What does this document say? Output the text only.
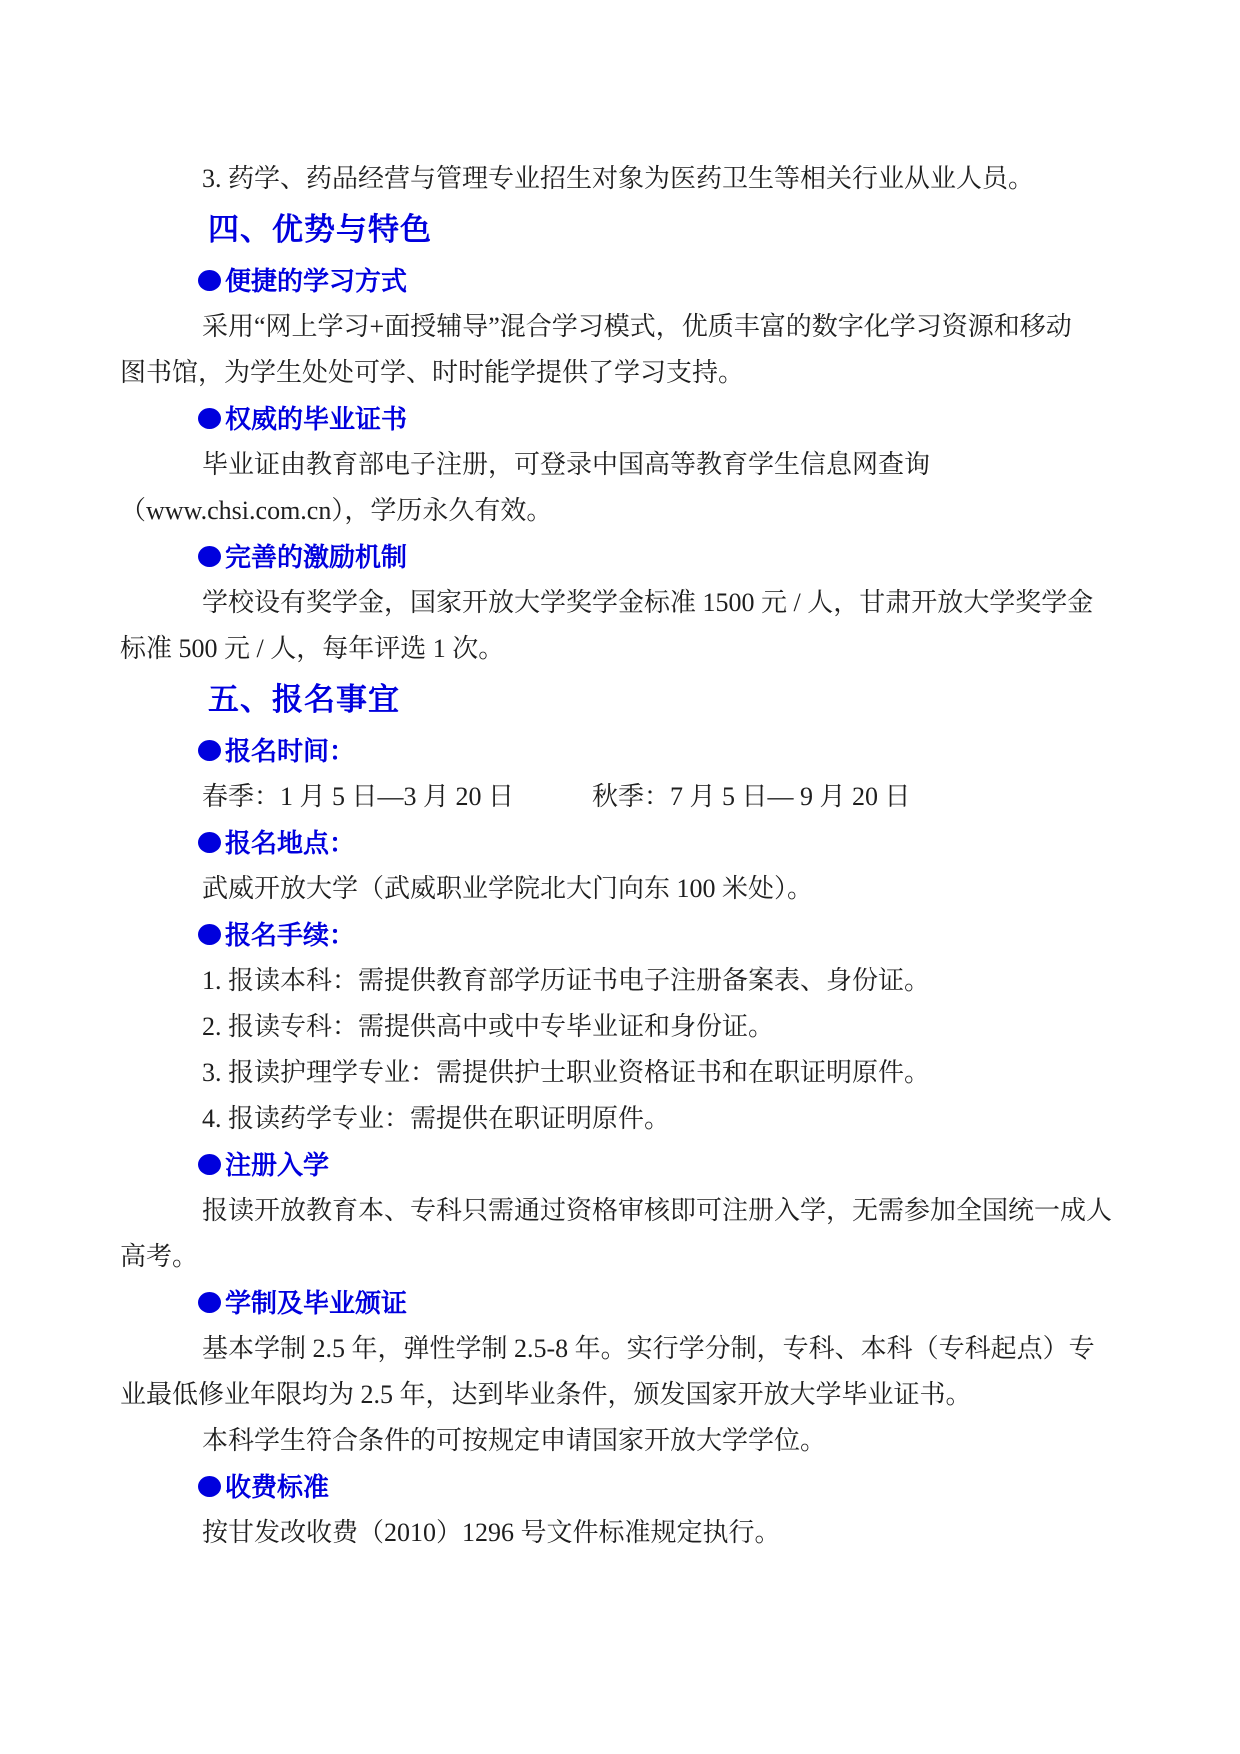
3. 药学、药品经营与管理专业招生对象为医药卫生等相关行业从业人员。

四、优势与特色
便捷的学习方式

采用“网上学习+面授辅导”混合学习模式，优质丰富的数字化学习资源和移动

图书馆，为学生处处可学、时时能学提供了学习支持。

权威的毕业证书

毕业证由教育部电子注册，可登录中国高等教育学生信息网查询

（www.chsi.com.cn），学历永久有效。

完善的激励机制

学校设有奖学金，国家开放大学奖学金标准 1500 元 / 人，甘肃开放大学奖学金

标准 500 元 / 人，每年评选 1 次。

五、报名事宜
报名时间：

春季：1 月 5 日—3 月 20 日　　　秋季：7 月 5 日— 9 月 20 日

报名地点：

武威开放大学（武威职业学院北大门向东 100 米处）。

报名手续：

1. 报读本科：需提供教育部学历证书电子注册备案表、身份证。

2. 报读专科：需提供高中或中专毕业证和身份证。

3. 报读护理学专业：需提供护士职业资格证书和在职证明原件。

4. 报读药学专业：需提供在职证明原件。

注册入学

报读开放教育本、专科只需通过资格审核即可注册入学，无需参加全国统一成人

高考。

学制及毕业颁证

基本学制 2.5 年，弹性学制 2.5-8 年。实行学分制，专科、本科（专科起点）专

业最低修业年限均为 2.5 年，达到毕业条件，颁发国家开放大学毕业证书。

本科学生符合条件的可按规定申请国家开放大学学位。

收费标准

按甘发改收费（2010）1296 号文件标准规定执行。
